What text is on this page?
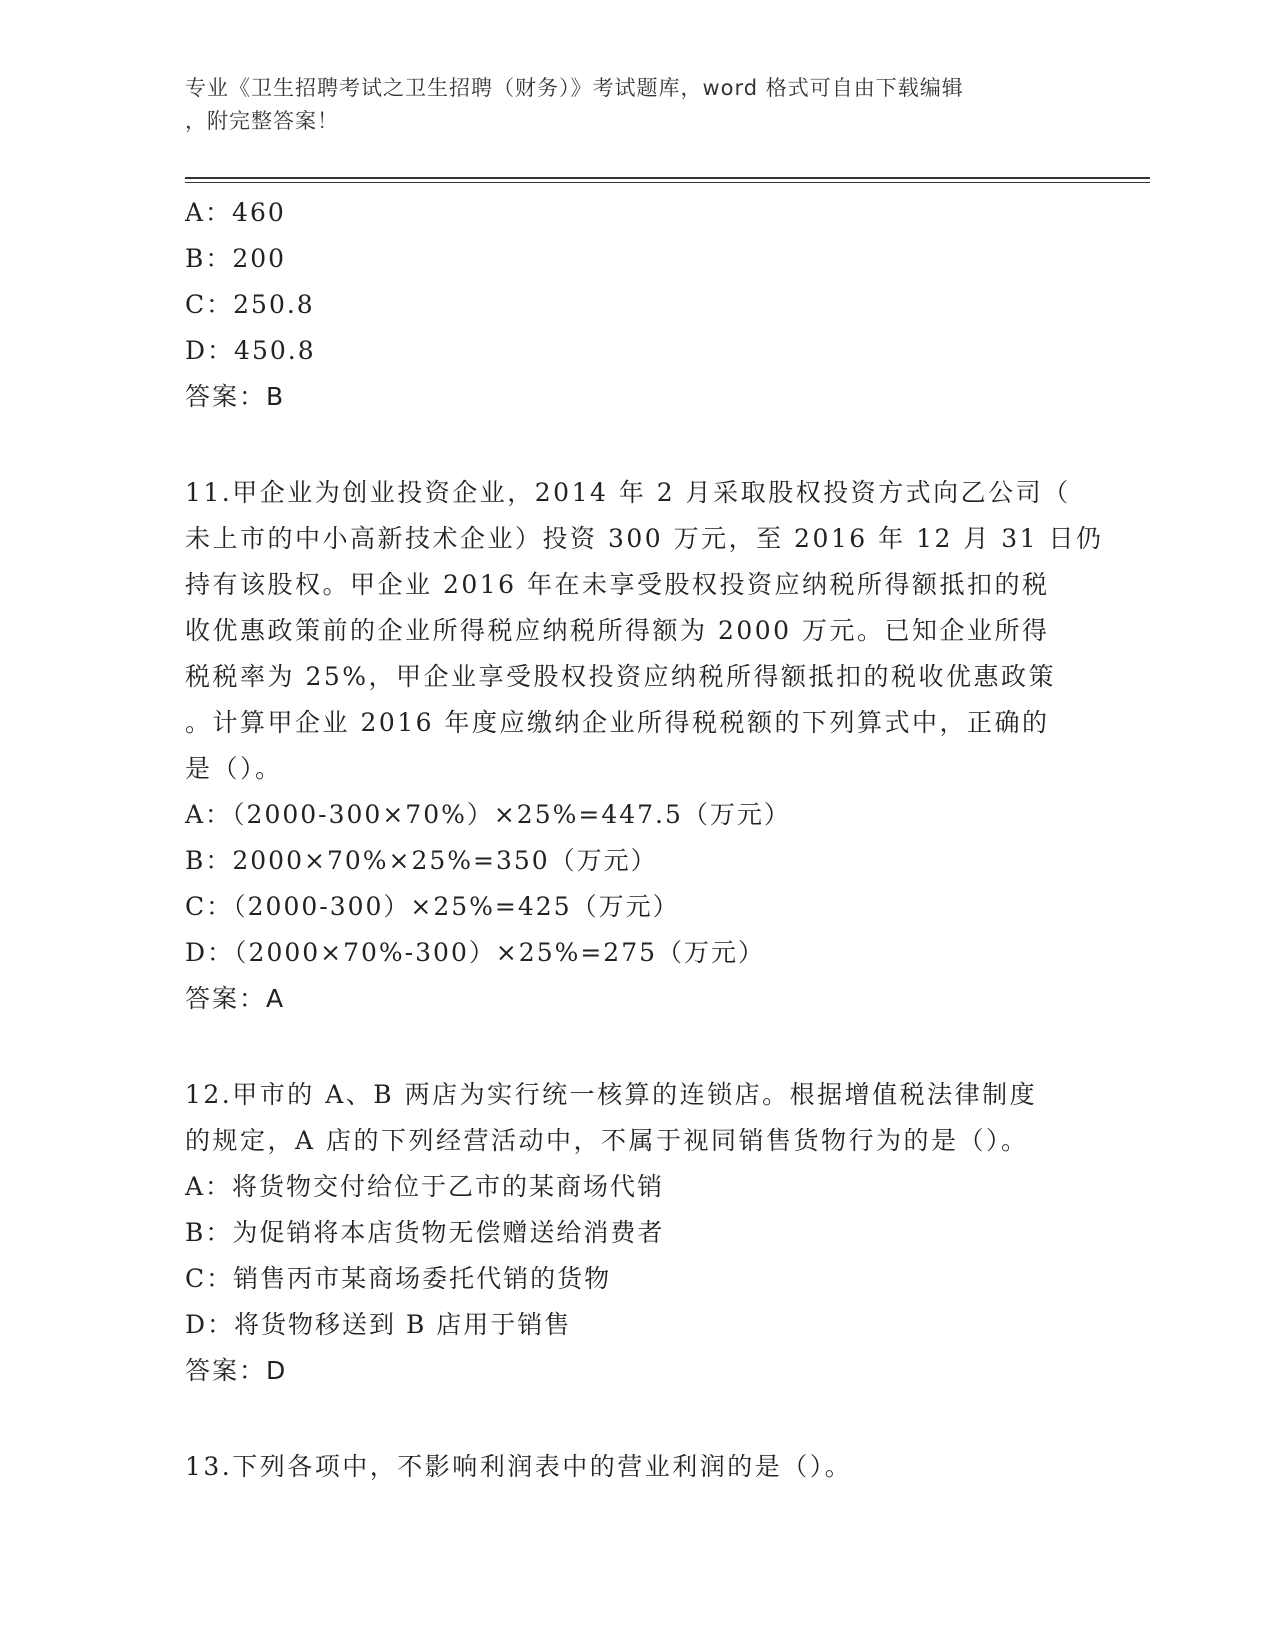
专业《卫生招聘考试之卫生招聘（财务）》考试题库，word 格式可自由下载编辑
，附完整答案！
A：460
B：200
C：250.8
D：450.8
答案：B
11.甲企业为创业投资企业，2014 年 2 月采取股权投资方式向乙公司（
未上市的中小高新技术企业）投资 300 万元，至 2016 年 12 月 31 日仍
持有该股权。甲企业 2016 年在未享受股权投资应纳税所得额抵扣的税
收优惠政策前的企业所得税应纳税所得额为 2000 万元。已知企业所得
税税率为 25%，甲企业享受股权投资应纳税所得额抵扣的税收优惠政策
。计算甲企业 2016 年度应缴纳企业所得税税额的下列算式中，正确的
是（）。
A：（2000-300×70%）×25%=447.5（万元）
B：2000×70%×25%=350（万元）
C：（2000-300）×25%=425（万元）
D：（2000×70%-300）×25%=275（万元）
答案：A
12.甲市的 A、B 两店为实行统一核算的连锁店。根据增值税法律制度
的规定，A 店的下列经营活动中，不属于视同销售货物行为的是（）。
A：将货物交付给位于乙市的某商场代销
B：为促销将本店货物无偿赠送给消费者
C：销售丙市某商场委托代销的货物
D：将货物移送到 B 店用于销售
答案：D
13.下列各项中，不影响利润表中的营业利润的是（）。
